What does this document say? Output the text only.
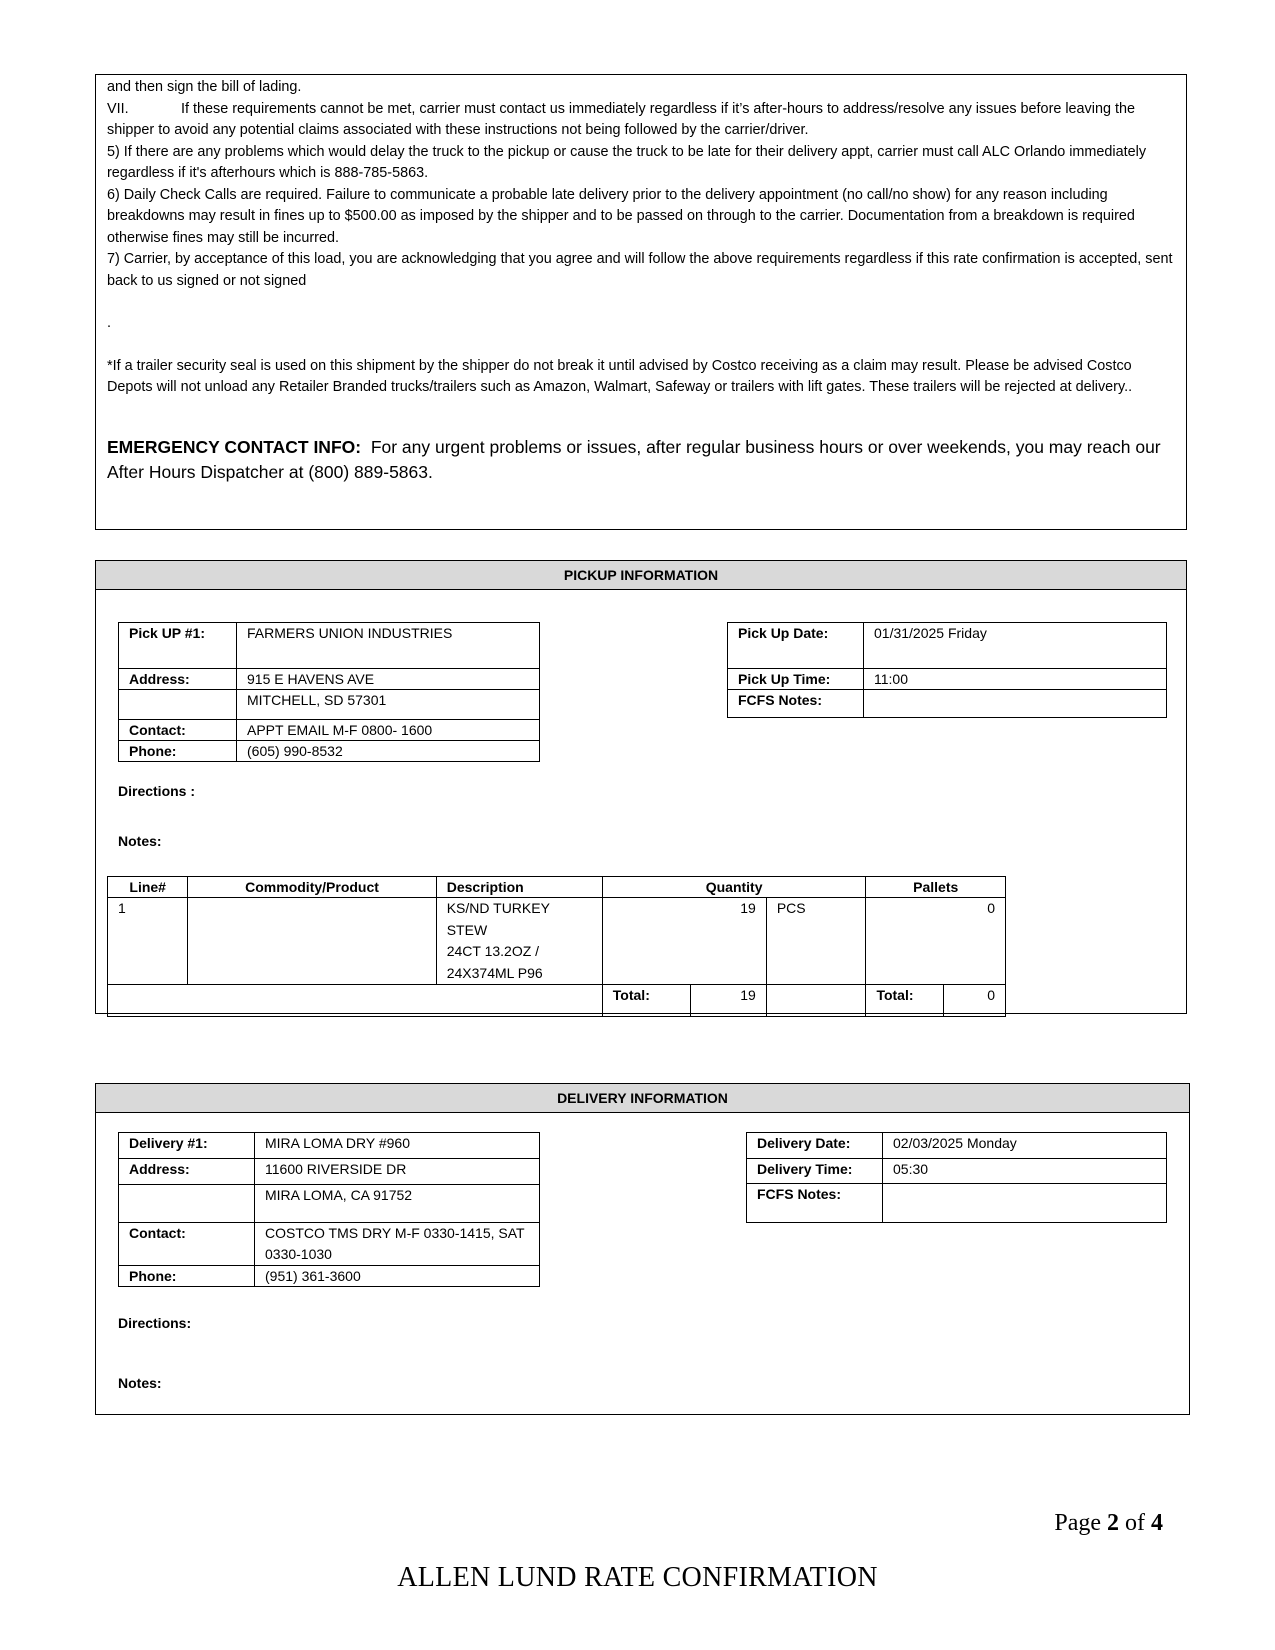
and then sign the bill of lading.

VII.	If these requirements cannot be met, carrier must contact us immediately regardless if it’s after-hours to address/resolve any issues before leaving the shipper to avoid any potential claims associated with these instructions not being followed by the carrier/driver.

5) If there are any problems which would delay the truck to the pickup or cause the truck to be late for their delivery appt, carrier must call ALC Orlando immediately regardless if it's afterhours which is 888-785-5863.

6) Daily Check Calls are required. Failure to communicate a probable late delivery prior to the delivery appointment (no call/no show) for any reason including breakdowns may result in fines up to $500.00 as imposed by the shipper and to be passed on through to the carrier. Documentation from a breakdown is required otherwise fines may still be incurred.

7) Carrier, by acceptance of this load, you are acknowledging that you agree and will follow the above requirements regardless if this rate confirmation is accepted, sent back to us signed or not signed

.

*If a trailer security seal is used on this shipment by the shipper do not break it until advised by Costco receiving as a claim may result. Please be advised Costco Depots will not unload any Retailer Branded trucks/trailers such as Amazon, Walmart, Safeway or trailers with lift gates. These trailers will be rejected at delivery..

EMERGENCY CONTACT INFO: For any urgent problems or issues, after regular business hours or over weekends, you may reach our After Hours Dispatcher at (800) 889-5863.

PICKUP INFORMATION
Pick UP #1:	FARMERS UNION INDUSTRIES
Address:	915 E HAVENS AVE
	MITCHELL, SD 57301
Contact:	APPT EMAIL M-F 0800- 1600
Phone:	(605) 990-8532
Pick Up Date:	01/31/2025 Friday
Pick Up Time:	11:00
FCFS Notes:	
Directions :
Notes:
Line#	Commodity/Product	Description	Quantity			Pallets	
1		KS/ND TURKEY STEW
24CT 13.2OZ /
24X374ML P96	19		PCS	0	
			Total:	19		Total:	0
DELIVERY INFORMATION
Delivery #1:	MIRA LOMA DRY #960
Address:	11600 RIVERSIDE DR
	MIRA LOMA, CA 91752
Contact:	COSTCO TMS DRY M-F 0330-1415, SAT 0330-1030
Phone:	(951) 361-3600
Delivery Date:	02/03/2025 Monday
Delivery Time:	05:30
FCFS Notes:	
Directions:
Notes:
Page 2 of 4
ALLEN LUND RATE CONFIRMATION
